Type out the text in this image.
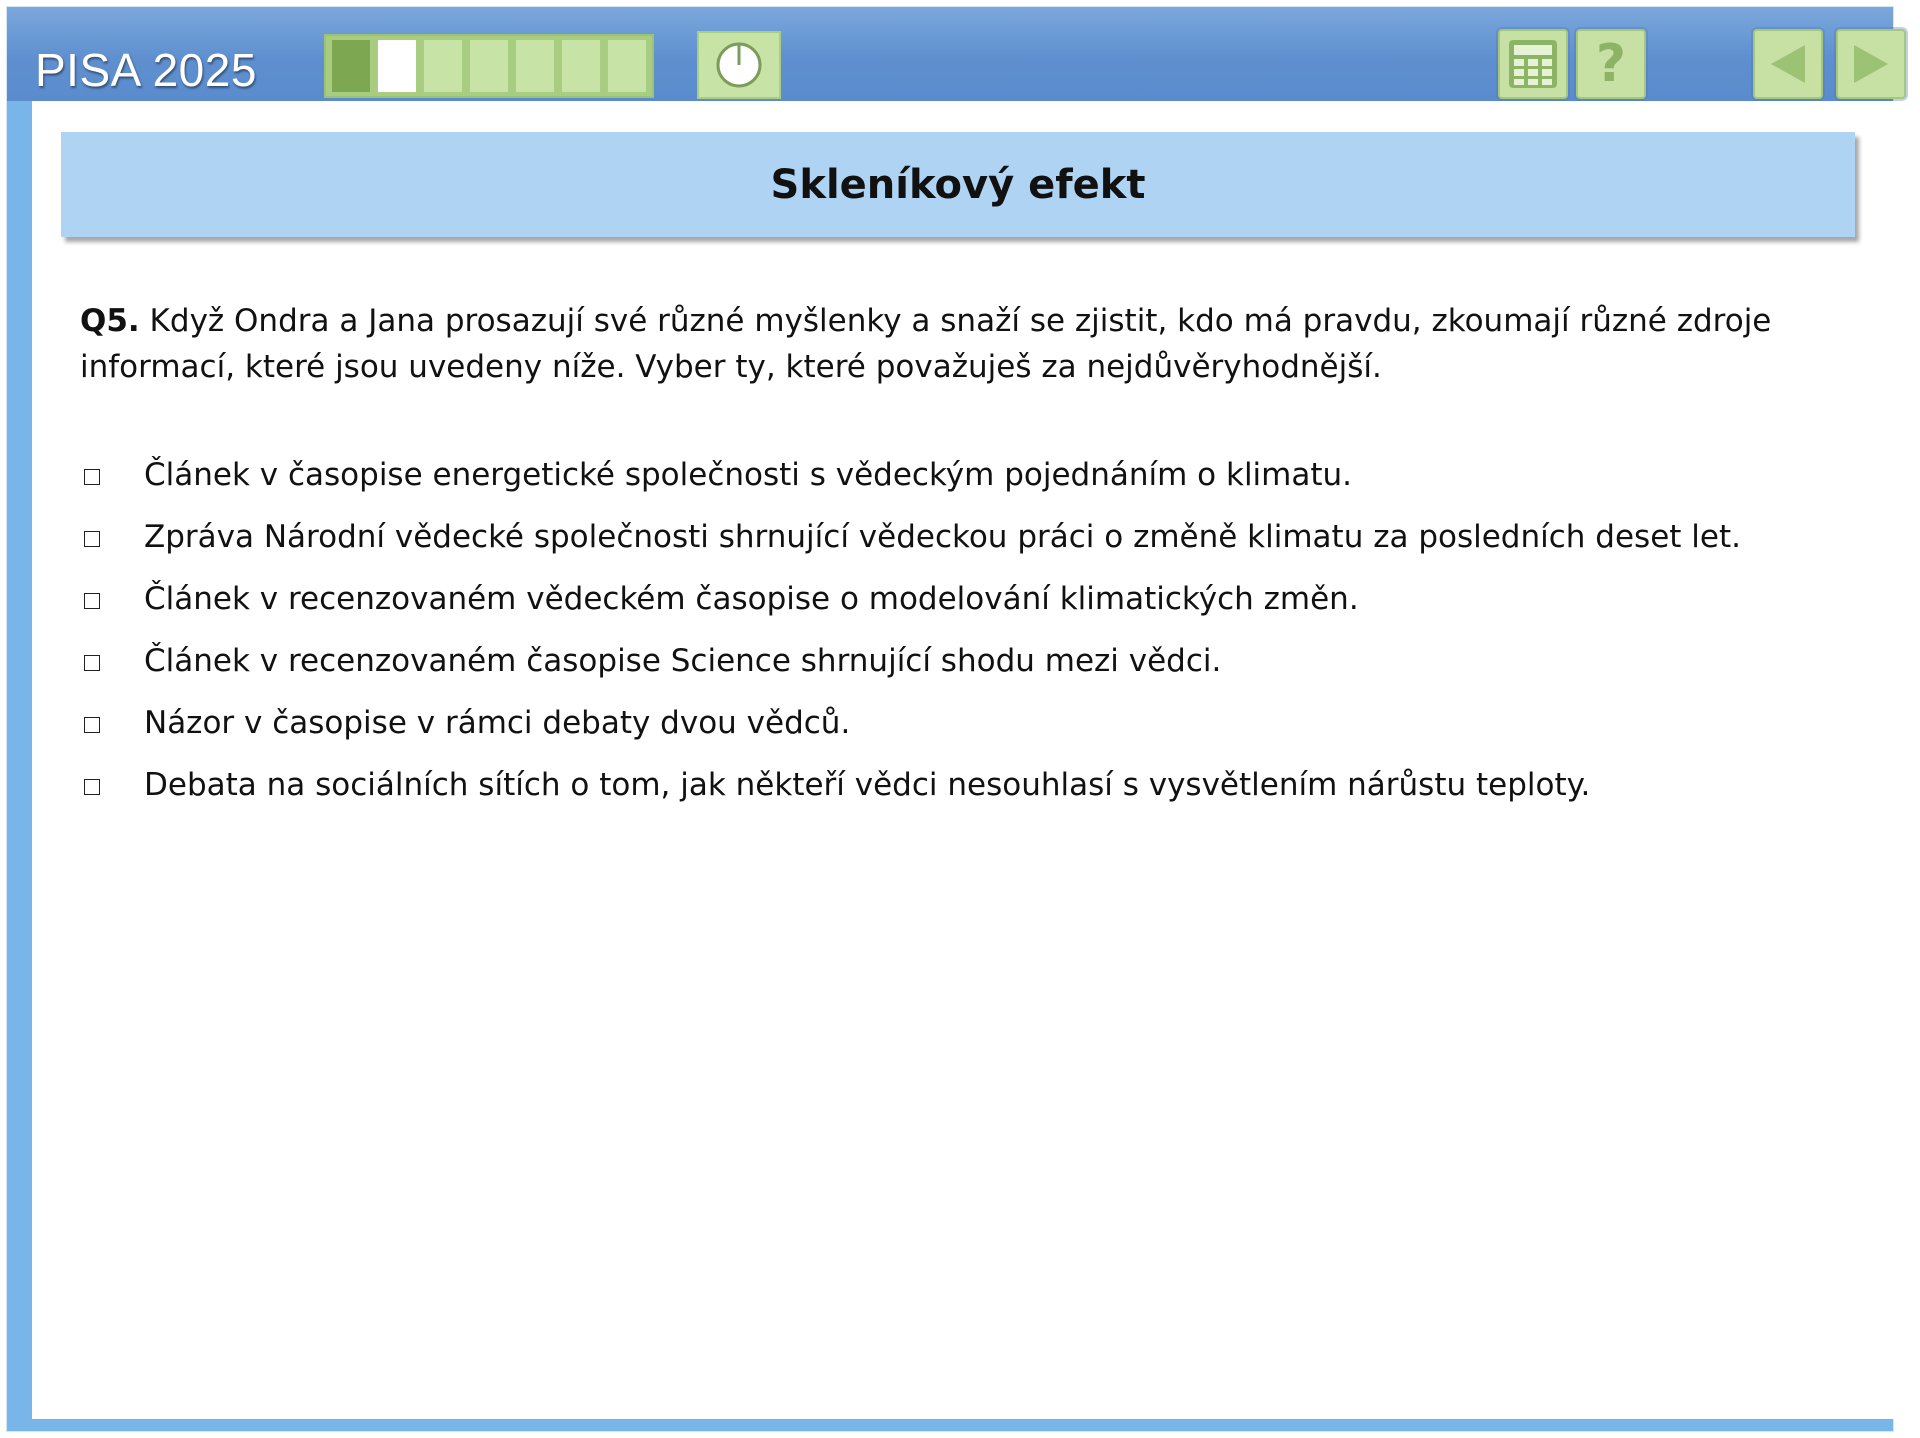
PISA 2025	?
Skleníkový efekt
Q5. Když Ondra a Jana prosazují své různé myšlenky a snaží se zjistit, kdo má pravdu, zkoumají různé zdroje informací, které jsou uvedeny níže. Vyber ty, které považuješ za nejdůvěryhodnější.
Článek v časopise energetické společnosti s vědeckým pojednáním o klimatu.
Zpráva Národní vědecké společnosti shrnující vědeckou práci o změně klimatu za posledních deset let.
Článek v recenzovaném vědeckém časopise o modelování klimatických změn.
Článek v recenzovaném časopise Science shrnující shodu mezi vědci.
Názor v časopise v rámci debaty dvou vědců.
Debata na sociálních sítích o tom, jak někteří vědci nesouhlasí s vysvětlením nárůstu teploty.
